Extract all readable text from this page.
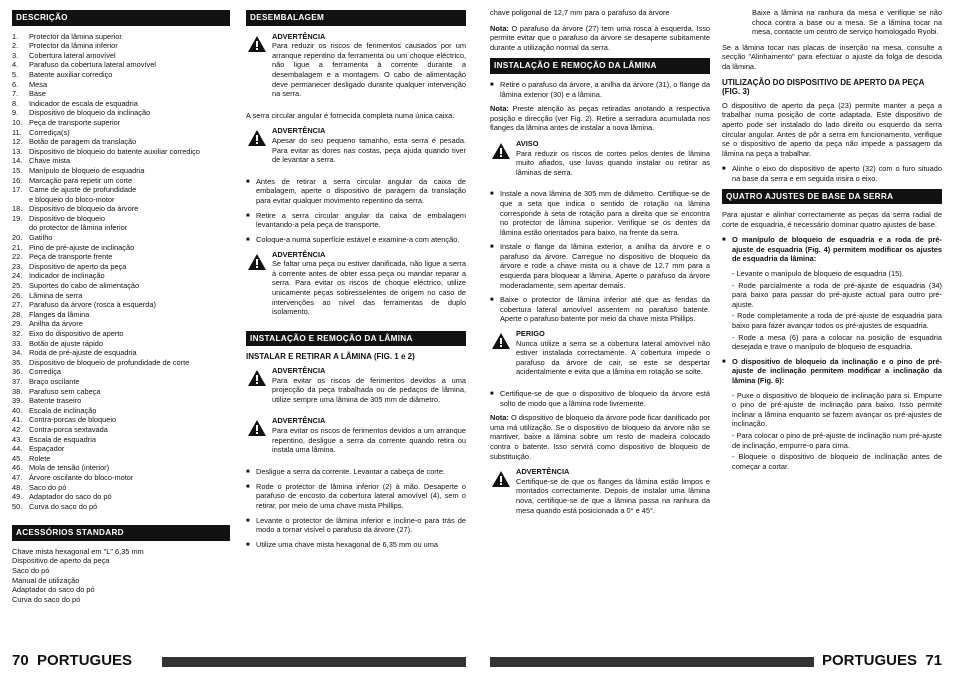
DESCRIÇÃO
1. Protector da lâmina superior
2. Protector da lâmina inferior
3. Cobertura lateral amovível
4. Parafuso da cobertura lateral amovível
5. Batente auxiliar corrediço
6. Mesa
7. Base
8. Indicador de escala de esquadria
9. Dispositivo de bloqueio da inclinação
10. Peça de transporte superior
11. Corrediça(s)
12. Botão de paragem da translação
13. Dispositivo de bloqueio do batente auxiliar corrediço
14. Chave mista
15. Manípulo de bloqueio de esquadria
16. Marcação para repetir um corte
17. Came de ajuste de profundidade
e bloqueio do bloco-motor
18. Dispositivo de bloqueio da árvore
19. Dispositivo de bloqueio
do protector de lâmina inferior
20. Gatilho
21. Pino de pré-ajuste de inclinação
22. Peça de transporte frente
23. Dispositivo de aperto da peça
24. Indicador de inclinação
25. Suportes do cabo de alimentação
26. Lâmina de serra
27. Parafuso da árvore (rosca à esquerda)
28. Flanges da lâmina
29. Anilha da árvore
32. Eixo do dispositivo de aperto
33. Botão de ajuste rápido
34. Roda de pré-ajuste de esquadria
35. Dispositivo de bloqueio de profundidade de corte
36. Corrediça
37. Braço oscilante
38. Parafuso sem cabeça
39. Batente traseiro
40. Escala de inclinação
41. Contra-porcas de bloqueio
42. Contra-porca sextavada
43. Escala de esquadria
44. Espaçador
45. Rolete
46. Mola de tensão (interior)
47. Árvore oscilante do bloco-motor
48. Saco do pó
49. Adaptador do saco do pó
50. Curva do saco do pó
ACESSÓRIOS STANDARD
Chave mista hexagonal em "L" 6,35 mm
Dispositivo de aperto da peça
Saco do pó
Manual de utilização
Adaptador do saco do pó
Curva do saco do pó
DESEMBALAGEM
ADVERTÊNCIA

Para reduzir os riscos de ferimentos causados por um arranque repentino da ferramenta ou um choque eléctrico, não ligue a ferramenta à corrente durante a desembalagem e a montagem. O cabo de alimentação deve permanecer desligado durante qualquer intervenção na serra.

A serra circular angular é fornecida completa numa única caixa.

ADVERTÊNCIA

Apesar do seu pequeno tamanho, esta serra é pesada. Para evitar as dores nas costas, peça ajuda quando tiver de levantar a serra.

■ Antes de retirar a serra circular angular da caixa de embalagem, aperte o dispositivo de paragem da translação para evitar qualquer movimento repentino da serra.
■ Retire a serra circular angular da caixa de embalagem levantando-a pela peça de transporte.
■ Coloque-a numa superfície estável e examine-a com atenção.
ADVERTÊNCIA

Se faltar uma peça ou estiver danificada, não ligue a serra à corrente antes de obter essa peça ou mandar reparar a serra. Para evitar os riscos de choque eléctrico, utilize unicamente peças sobresselentes de origem no caso de intervenções ao nível das ferramentas de duplo isolamento.

INSTALAÇÃO E REMOÇÃO DA LÂMINA
INSTALAR E RETIRAR A LÂMINA (FIG. 1 e 2)
ADVERTÊNCIA

Para evitar os riscos de ferimentos devidos a uma projecção da peça trabalhada ou de pedaços de lâmina, utilize sempre uma lâmina de 305 mm de diâmetro.

ADVERTÊNCIA

Para evitar os riscos de ferimentos devidos a um arranque repentino, desligue a serra da corrente quando retira ou instala uma lâmina.

■ Desligue a serra da corrente. Levantar a cabeça de corte.
■ Rode o protector de lâmina inferior (2) à mão. Desaperte o parafuso de encosto da cobertura lateral amovível (4), sem o retirar, por meio de uma chave mista Phillips.
■ Levante o protector de lâmina inferior e incline-o para trás de modo a tornar visível o parafuso da árvore (27).
■ Utilize uma chave mista hexagonal de 6,35 mm ou uma
70 PORTUGUES

chave poligonal de 12,7 mm para o parafuso da árvore

Nota: O parafuso da árvore (27) tem uma rosca à esquerda. Isso permite evitar que o parafuso da árvore se desaperte subitamente durante a utilização normal da serra.

INSTALAÇÃO E REMOÇÃO DA LÂMINA
■ Retire o parafuso da árvore, a anilha da árvore (31), o flange da lâmina exterior (30) e a lâmina.

Nota: Preste atenção às peças retiradas anotando a respectiva posição e direcção (ver Fig. 2). Retire a serradura acumulada nos flanges da lâmina antes de instalar a nova lâmina.

AVISO

Para reduzir os riscos de cortes pelos dentes de lâmina muito afiados, use luvas quando instalar ou retirar as lâminas de serra.

■ Instale a nova lâmina de 305 mm de diâmetro. Certifique-se de que a seta que indica o sentido de rotação na lâmina corresponde à seta de rotação para a direita que se encontra no protector de lâmina superior. Verifique se os dentes da lâmina estão orientados para baixo, na frente da serra.
■ Instale o flange da lâmina exterior, a anilha da árvore e o parafuso da árvore. Carregue no dispositivo de bloqueio da árvore e rode a chave mista ou a chave de 12,7 mm para a esquerda para bloquear a lâmina. Aperte o parafuso da árvore moderadamente, sem apertar demais.
■ Baixe o protector de lâmina inferior até que as fendas da cobertura lateral amovível assentem no parafuso batente. Aperte o parafuso batente por meio da chave mista Phillips.
PERIGO

Nunca utilize a serra se a cobertura lateral amovível não estiver instalada correctamente. A cobertura impede o parafuso da árvore de cair, se este se despertar acidentalmente e evita que a lâmina em rotação se solte.

■ Certifique-se de que o dispositivo de bloqueio da árvore está solto de modo que a lâmina rode livremente.

Nota: O dispositivo de bloqueio da árvore pode ficar danificado por uma má utilização. Se o dispositivo de bloqueio da árvore não se mantiver, baixe a lâmina sobre um resto de madeira colocado contra o batente. Isso servirá como dispositivo de bloqueio de substituição.

ADVERTÊNCIA

Certifique-se de que os flanges da lâmina estão limpos e montados correctamente. Depois de instalar uma lâmina nova, certifique-se de que a lâmina passa na ranhura da mesa quando está posicionada a 0° e 45°.

Baixe a lâmina na ranhura da mesa e verifique se não choca contra a base ou a mesa. Se a lâmina tocar na mesa, contacte um centro de serviço homologado Ryobi.

Se a lâmina tocar nas placas de inserção na mesa, consulte a secção "Alinhamento" para efectuar o ajuste da folga de descida da lâmina.

UTILIZAÇÃO DO DISPOSITIVO DE APERTO DA PEÇA (FIG. 3)

O dispositivo de aperto da peça (23) permite manter a peça a trabalhar numa posição de corte adaptada. Este dispositivo de aperto pode ser instalado do lado direito ou esquerdo da serra circular angular. Antes de pôr a serra em funcionamento, verifique se o dispositivo de aperto da peça não impede a passagem da lâmina na peça a trabalhar.

■ Alinhe o eixo do dispositivo de aperto (32) com o furo situado na base da serra e em seguida insira o eixo.
QUATRO AJUSTES DE BASE DA SERRA

Para ajustar e alinhar correctamente as peças da serra radial de corte de esquadria, é necessário dominar quatro ajustes de base.

■ O manípulo de bloqueio de esquadria e a roda de pré-ajuste de esquadria (Fig. 4) permitem modificar os ajustes de esquadria da lâmina:

- Levante o manípulo de bloqueio de esquadria (15).

- Rode parcialmente a roda de pré-ajuste de esquadria (34) para baixo para passar do pré-ajuste actual para outro pré-ajuste.

- Rode completamente a roda de pré-ajuste de esquadria para baixo para fazer avançar todos os pré-ajustes de esquadria.

- Rode a mesa (6) para a colocar na posição de esquadria desejada e trave o manípulo de bloqueio de esquadria.

■ O dispositivo de bloqueio da inclinação e o pino de pré-ajuste de inclinação permitem modificar a inclinação da lâmina (Fig. 6):

- Puxe o dispositivo de bloqueio de inclinação para si. Empurre o pino de pré-ajuste de inclinação para baixo. Isso permite inclinar a lâmina enquanto se fazem avançar os pré-ajustes de inclinação.

- Para colocar o pino de pré-ajuste de inclinação num pré-ajuste de inclinação, empurre-o para cima.

- Bloqueie o dispositivo de bloqueio de inclinação antes de começar a cortar.

PORTUGUES 71
